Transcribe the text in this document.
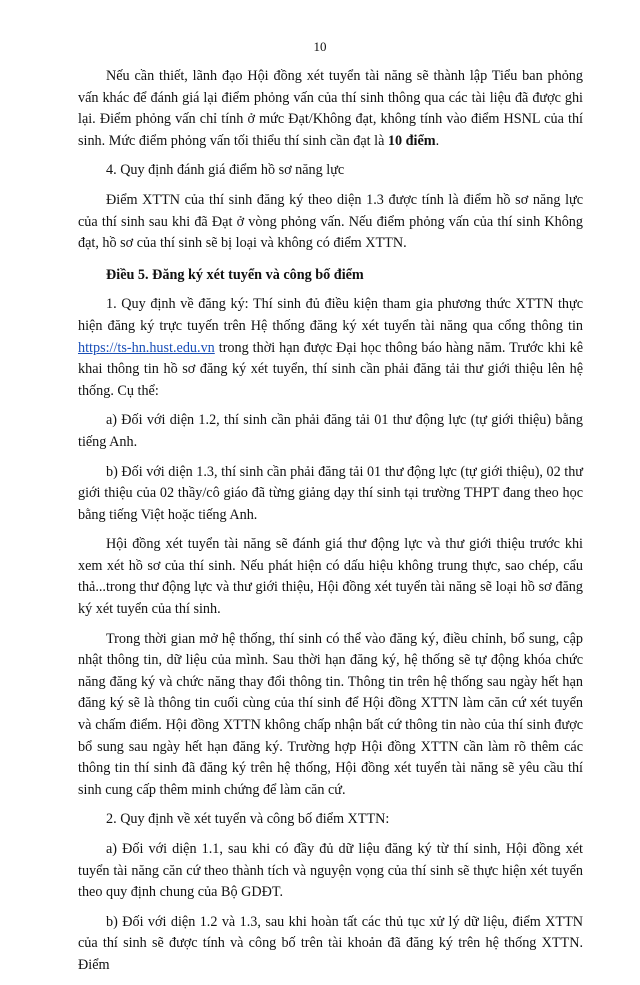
10

Nếu cần thiết, lãnh đạo Hội đồng xét tuyển tài năng sẽ thành lập Tiểu ban phỏng vấn khác để đánh giá lại điểm phỏng vấn của thí sinh thông qua các tài liệu đã được ghi lại. Điểm phỏng vấn chỉ tính ở mức Đạt/Không đạt, không tính vào điểm HSNL của thí sinh. Mức điểm phỏng vấn tối thiểu thí sinh cần đạt là 10 điểm.

4. Quy định đánh giá điểm hồ sơ năng lực

Điểm XTTN của thí sinh đăng ký theo diện 1.3 được tính là điểm hồ sơ năng lực của thí sinh sau khi đã Đạt ở vòng phỏng vấn. Nếu điểm phỏng vấn của thí sinh Không đạt, hồ sơ của thí sinh sẽ bị loại và không có điểm XTTN.

Điều 5. Đăng ký xét tuyển và công bố điểm

1. Quy định về đăng ký: Thí sinh đủ điều kiện tham gia phương thức XTTN thực hiện đăng ký trực tuyến trên Hệ thống đăng ký xét tuyển tài năng qua cổng thông tin https://ts-hn.hust.edu.vn trong thời hạn được Đại học thông báo hàng năm. Trước khi kê khai thông tin hồ sơ đăng ký xét tuyển, thí sinh cần phải đăng tải thư giới thiệu lên hệ thống. Cụ thể:

a) Đối với diện 1.2, thí sinh cần phải đăng tải 01 thư động lực (tự giới thiệu) bằng tiếng Anh.

b) Đối với diện 1.3, thí sinh cần phải đăng tải 01 thư động lực (tự giới thiệu), 02 thư giới thiệu của 02 thầy/cô giáo đã từng giảng dạy thí sinh tại trường THPT đang theo học bằng tiếng Việt hoặc tiếng Anh.

Hội đồng xét tuyển tài năng sẽ đánh giá thư động lực và thư giới thiệu trước khi xem xét hồ sơ của thí sinh. Nếu phát hiện có dấu hiệu không trung thực, sao chép, cẩu thả...trong thư động lực và thư giới thiệu, Hội đồng xét tuyển tài năng sẽ loại hồ sơ đăng ký xét tuyển của thí sinh.

Trong thời gian mở hệ thống, thí sinh có thể vào đăng ký, điều chỉnh, bổ sung, cập nhật thông tin, dữ liệu của mình. Sau thời hạn đăng ký, hệ thống sẽ tự động khóa chức năng đăng ký và chức năng thay đổi thông tin. Thông tin trên hệ thống sau ngày hết hạn đăng ký sẽ là thông tin cuối cùng của thí sinh để Hội đồng XTTN làm căn cứ xét tuyển và chấm điểm. Hội đồng XTTN không chấp nhận bất cứ thông tin nào của thí sinh được bổ sung sau ngày hết hạn đăng ký. Trường hợp Hội đồng XTTN cần làm rõ thêm các thông tin thí sinh đã đăng ký trên hệ thống, Hội đồng xét tuyển tài năng sẽ yêu cầu thí sinh cung cấp thêm minh chứng để làm căn cứ.

2. Quy định về xét tuyển và công bố điểm XTTN:

a) Đối với diện 1.1, sau khi có đầy đủ dữ liệu đăng ký từ thí sinh, Hội đồng xét tuyển tài năng căn cứ theo thành tích và nguyện vọng của thí sinh sẽ thực hiện xét tuyển theo quy định chung của Bộ GDĐT.

b) Đối với diện 1.2 và 1.3, sau khi hoàn tất các thủ tục xử lý dữ liệu, điểm XTTN của thí sinh sẽ được tính và công bố trên tài khoản đã đăng ký trên hệ thống XTTN. Điểm
